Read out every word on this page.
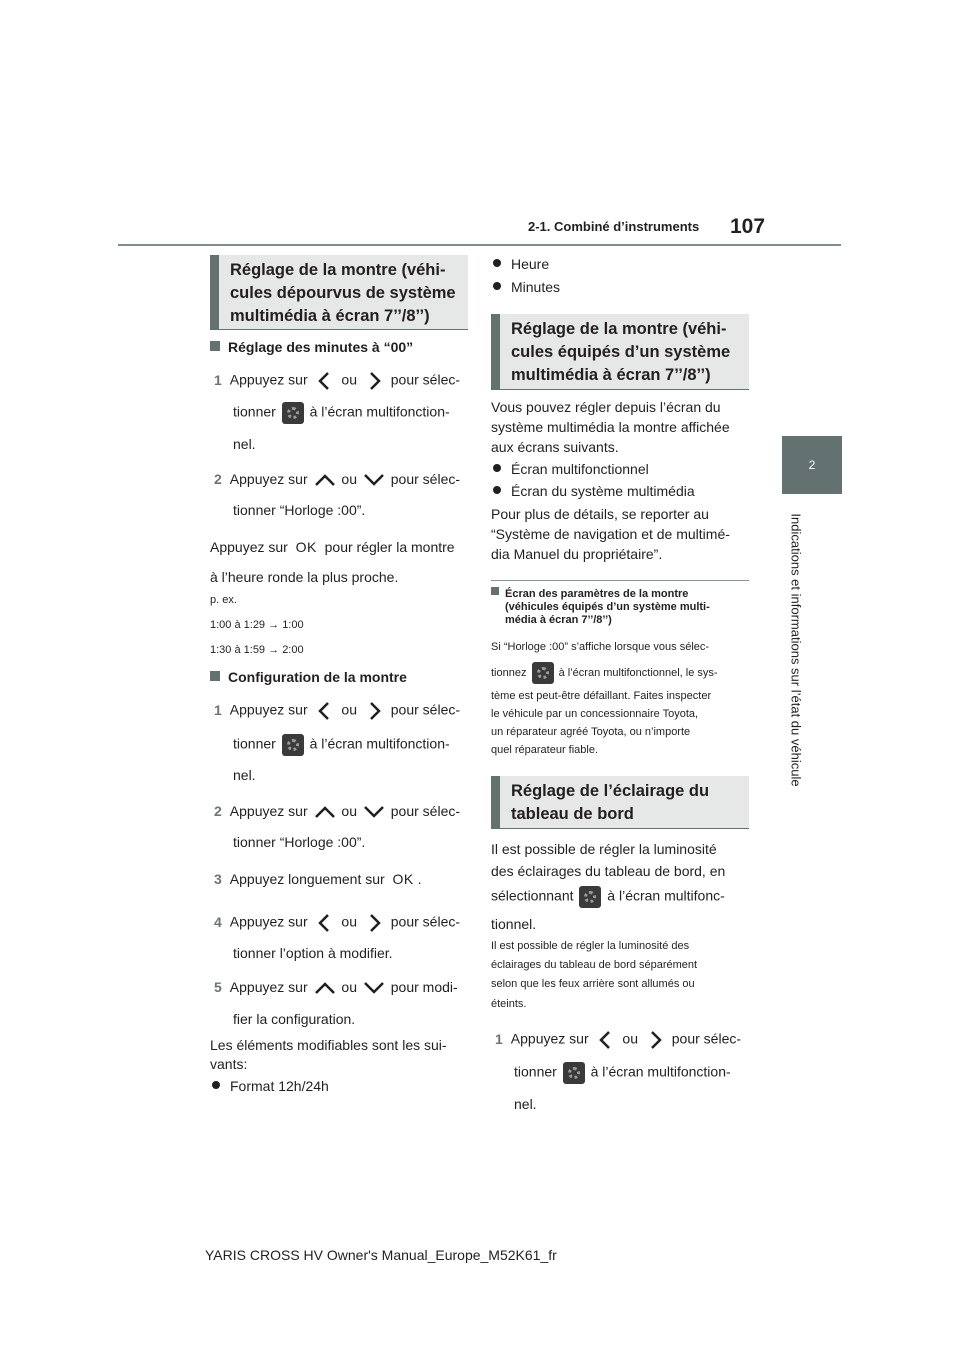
2-1. Combiné d’instruments 107
2
Indications et informations sur l’état du véhicule
Réglage de la montre (véhi-
cules dépourvus de système
multimédia à écran 7’’/8’’)
Réglage des minutes à “00”
1 Appuyez sur ou pour sélec-
tionner à l’écran multifonction-
nel.
2 Appuyez sur ou pour sélec-
tionner “Horloge :00”.
Appuyez sur OK pour régler la montre
à l’heure ronde la plus proche.
p. ex.
1:00 à 1:29 → 1:00
1:30 à 1:59 → 2:00
Configuration de la montre
1 Appuyez sur ou pour sélec-
tionner à l’écran multifonction-
nel.
2 Appuyez sur ou pour sélec-
tionner “Horloge :00”.
3 Appuyez longuement sur OK .
4 Appuyez sur ou pour sélec-
tionner l’option à modifier.
5 Appuyez sur ou pour modi-
fier la configuration.
Les éléments modifiables sont les sui-
vants:
Format 12h/24h
Heure
Minutes
Réglage de la montre (véhi-
cules équipés d’un système
multimédia à écran 7’’/8’’)
Vous pouvez régler depuis l’écran du
système multimédia la montre affichée
aux écrans suivants.
Écran multifonctionnel
Écran du système multimédia
Pour plus de détails, se reporter au
“Système de navigation et de multimé-
dia Manuel du propriétaire”.
Écran des paramètres de la montre
(véhicules équipés d’un système multi-
média à écran 7’’/8’’)
Si “Horloge :00” s’affiche lorsque vous sélec-
tionnez	à l’écran multifonctionnel, le sys-
tème est peut-être défaillant. Faites inspecter
le véhicule par un concessionnaire Toyota,
un réparateur agréé Toyota, ou n’importe
quel réparateur fiable.
Réglage de l’éclairage du
tableau de bord
Il est possible de régler la luminosité
des éclairages du tableau de bord, en
sélectionnant à l’écran multifonc-
tionnel.
Il est possible de régler la luminosité des
éclairages du tableau de bord séparément
selon que les feux arrière sont allumés ou
éteints.
1 Appuyez sur ou pour sélec-
tionner à l’écran multifonction-
nel.
YARIS CROSS HV Owner's Manual_Europe_M52K61_fr
